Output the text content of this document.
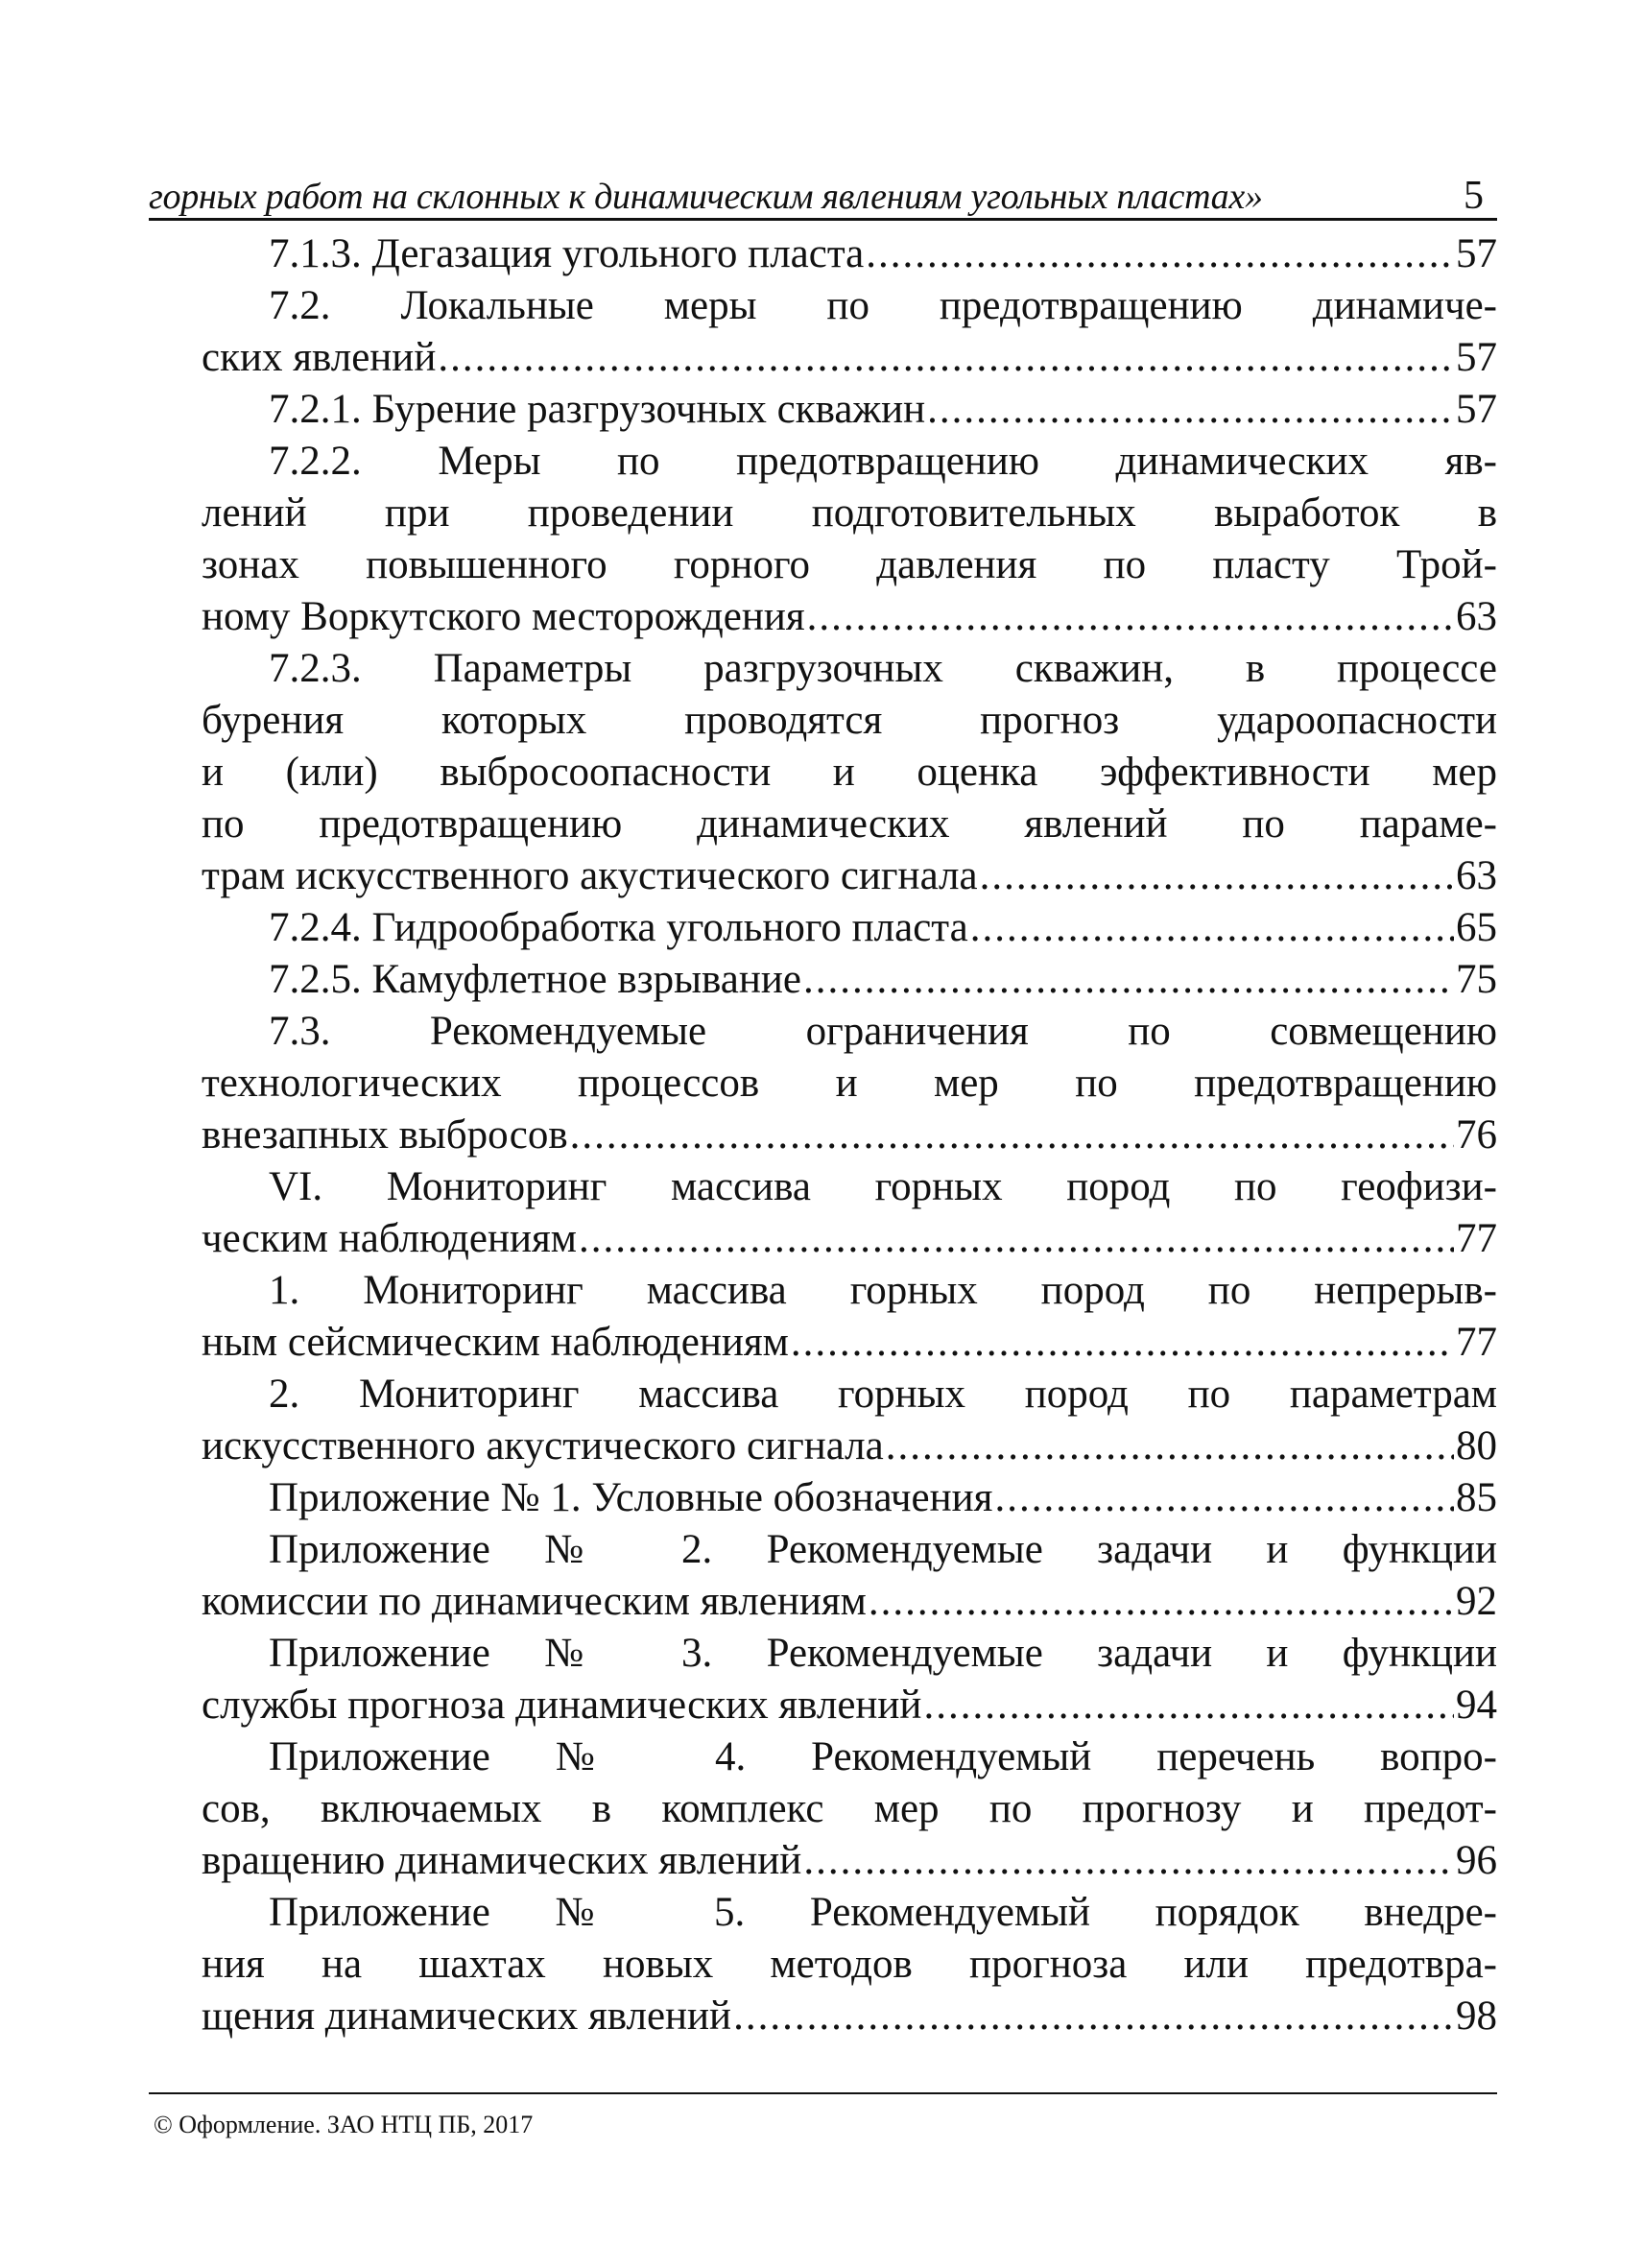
горных работ на склонных к динамическим явлениям угольных пластах»	5
7.1.3. Дегазация угольного пласта .....	57
7.2. Локальные меры по предотвращению динамиче-
ских явлений .....	57
7.2.1. Бурение разгрузочных скважин .....	57
7.2.2. Меры по предотвращению динамических яв-
лений при проведении подготовительных выработок в
зонах повышенного горного давления по пласту Трой-
ному Воркутского месторождения .....	63
7.2.3. Параметры разгрузочных скважин, в процессе
бурения которых проводятся прогноз удароопасности
и (или) выбросоопасности и оценка эффективности мер
по предотвращению динамических явлений по параме-
трам искусственного акустического сигнала .....	63
7.2.4. Гидрообработка угольного пласта .....	65
7.2.5. Камуфлетное взрывание .....	75
7.3. Рекомендуемые ограничения по совмещению
технологических процессов и мер по предотвращению
внезапных выбросов .....	76
VI. Мониторинг массива горных пород по геофизи-
ческим наблюдениям .....	77
1. Мониторинг массива горных пород по непрерыв-
ным сейсмическим наблюдениям .....	77
2. Мониторинг массива горных пород по параметрам
искусственного акустического сигнала .....	80
Приложение № 1. Условные обозначения .....	85
Приложение № 2. Рекомендуемые задачи и функции
комиссии по динамическим явлениям .....	92
Приложение № 3. Рекомендуемые задачи и функции
службы прогноза динамических явлений .....	94
Приложение № 4. Рекомендуемый перечень вопро-
сов, включаемых в комплекс мер по прогнозу и предот-
вращению динамических явлений .....	96
Приложение № 5. Рекомендуемый порядок внедре-
ния на шахтах новых методов прогноза или предотвра-
щения динамических явлений .....	98
© Оформление. ЗАО НТЦ ПБ, 2017
